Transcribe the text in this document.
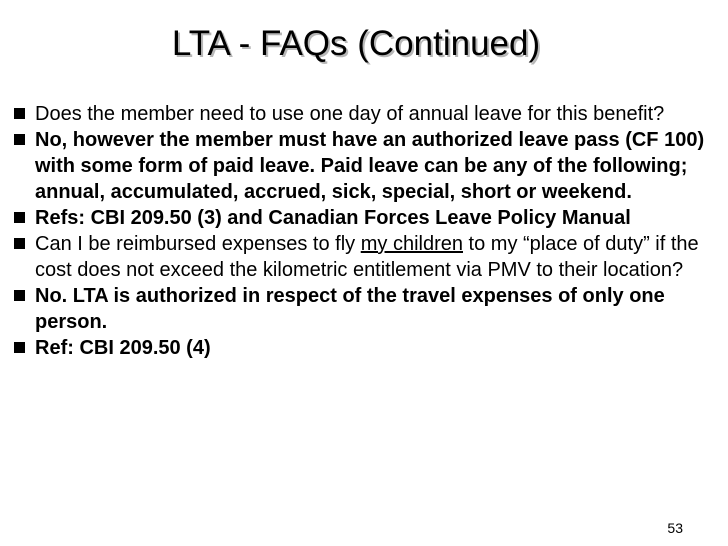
LTA - FAQs (Continued)
Does the member need to use one day of annual leave for this benefit?
No, however the member must have an authorized leave pass (CF 100) with some form of paid leave. Paid leave can be any of the following; annual, accumulated, accrued, sick, special, short or weekend.
Refs: CBI 209.50 (3) and Canadian Forces Leave Policy Manual
Can I be reimbursed expenses to fly my children to my “place of duty” if the cost does not exceed the kilometric entitlement via PMV to their location?
No. LTA is authorized in respect of the travel expenses of only one person.
Ref: CBI 209.50 (4)
53
